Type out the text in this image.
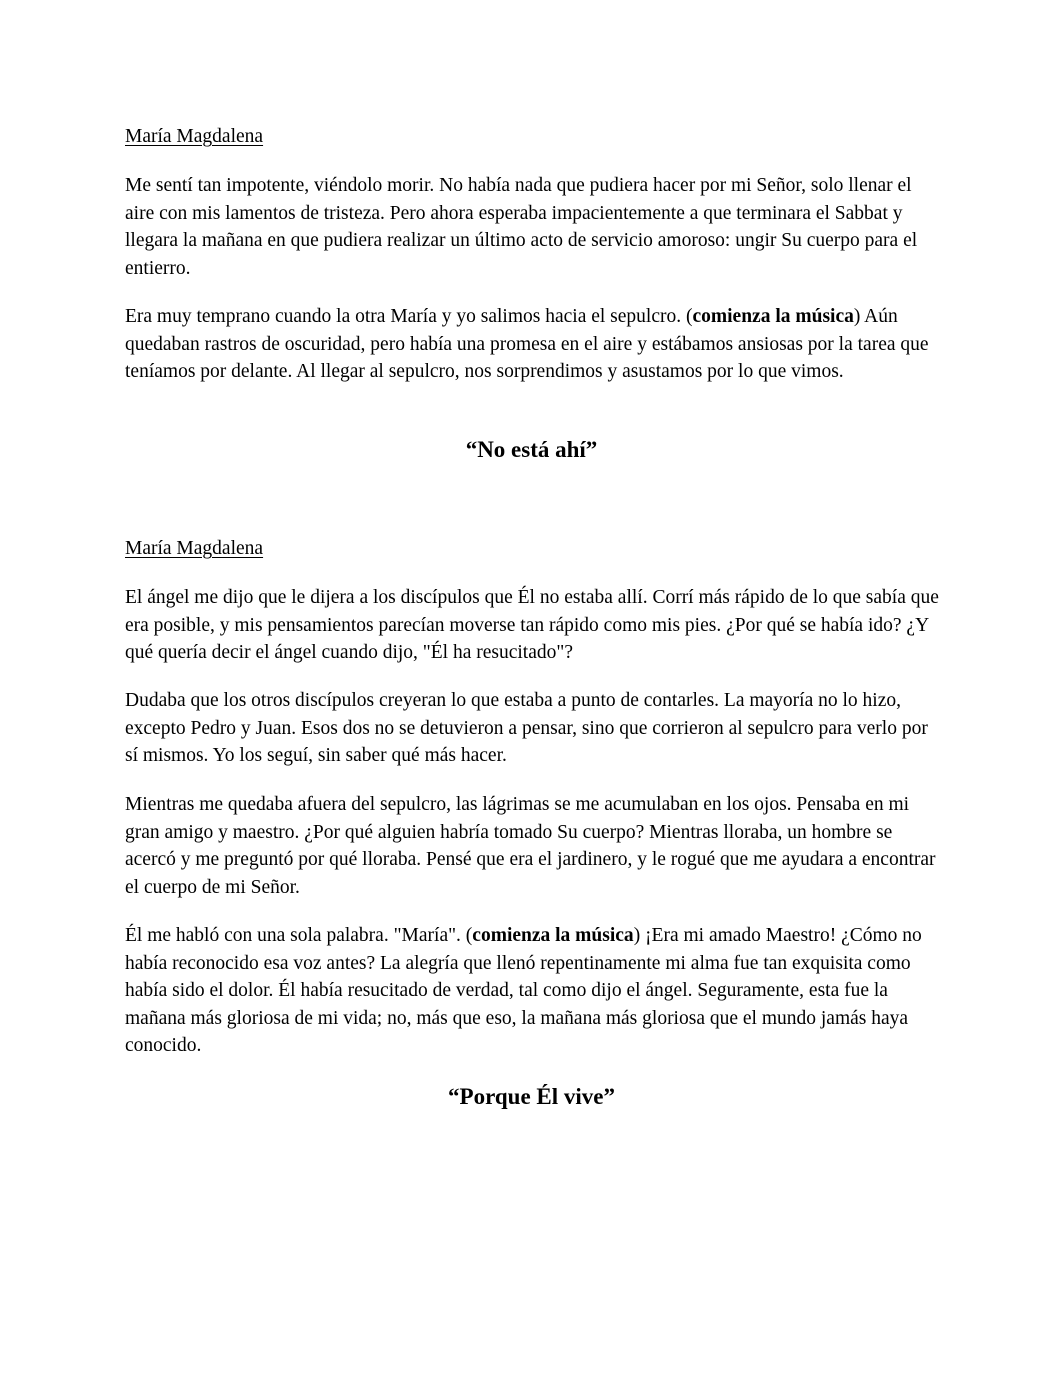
María Magdalena
Me sentí tan impotente, viéndolo morir. No había nada que pudiera hacer por mi Señor, solo llenar el aire con mis lamentos de tristeza. Pero ahora esperaba impacientemente a que terminara el Sabbat y llegara la mañana en que pudiera realizar un último acto de servicio amoroso: ungir Su cuerpo para el entierro.
Era muy temprano cuando la otra María y yo salimos hacia el sepulcro. (comienza la música) Aún quedaban rastros de oscuridad, pero había una promesa en el aire y estábamos ansiosas por la tarea que teníamos por delante. Al llegar al sepulcro, nos sorprendimos y asustamos por lo que vimos.
“No está ahí”
María Magdalena
El ángel me dijo que le dijera a los discípulos que Él no estaba allí. Corrí más rápido de lo que sabía que era posible, y mis pensamientos parecían moverse tan rápido como mis pies. ¿Por qué se había ido? ¿Y qué quería decir el ángel cuando dijo, "Él ha resucitado"?
Dudaba que los otros discípulos creyeran lo que estaba a punto de contarles. La mayoría no lo hizo, excepto Pedro y Juan. Esos dos no se detuvieron a pensar, sino que corrieron al sepulcro para verlo por sí mismos. Yo los seguí, sin saber qué más hacer.
Mientras me quedaba afuera del sepulcro, las lágrimas se me acumulaban en los ojos. Pensaba en mi gran amigo y maestro. ¿Por qué alguien habría tomado Su cuerpo? Mientras lloraba, un hombre se acercó y me preguntó por qué lloraba. Pensé que era el jardinero, y le rogué que me ayudara a encontrar el cuerpo de mi Señor.
Él me habló con una sola palabra. "María". (comienza la música) ¡Era mi amado Maestro! ¿Cómo no había reconocido esa voz antes? La alegría que llenó repentinamente mi alma fue tan exquisita como había sido el dolor. Él había resucitado de verdad, tal como dijo el ángel. Seguramente, esta fue la mañana más gloriosa de mi vida; no, más que eso, la mañana más gloriosa que el mundo jamás haya conocido.
“Porque Él vive”
